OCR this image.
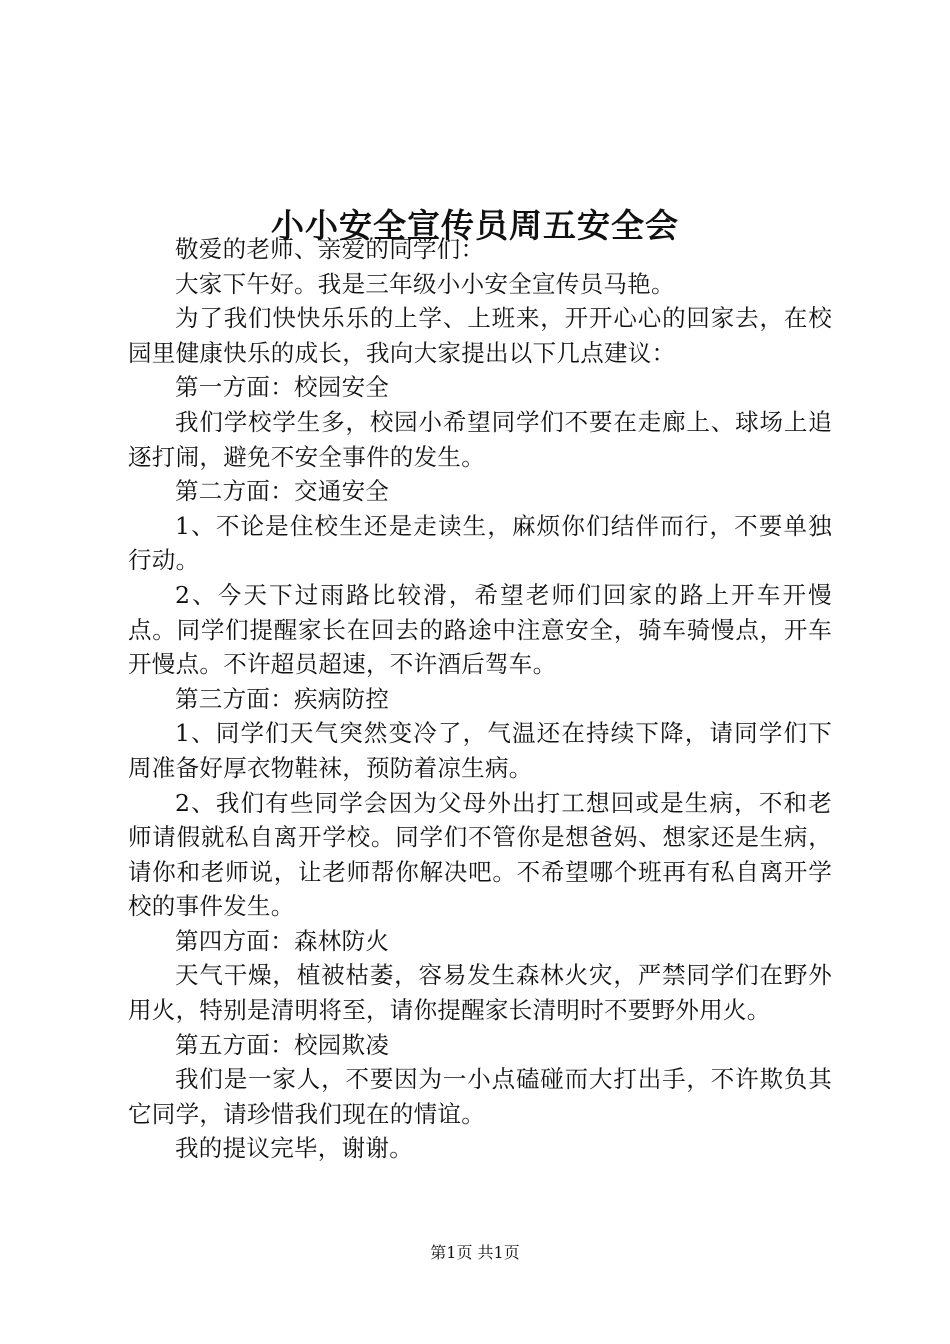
小小安全宣传员周五安全会

敬爱的老师、亲爱的同学们：

大家下午好。我是三年级小小安全宣传员马艳。

为了我们快快乐乐的上学、上班来，开开心心的回家去，在校园里健康快乐的成长，我向大家提出以下几点建议：

第一方面：校园安全

我们学校学生多，校园小希望同学们不要在走廊上、球场上追逐打闹，避免不安全事件的发生。

第二方面：交通安全

1、不论是住校生还是走读生，麻烦你们结伴而行，不要单独行动。

2、今天下过雨路比较滑，希望老师们回家的路上开车开慢点。同学们提醒家长在回去的路途中注意安全，骑车骑慢点，开车开慢点。不许超员超速，不许酒后驾车。

第三方面：疾病防控

1、同学们天气突然变冷了，气温还在持续下降，请同学们下周准备好厚衣物鞋袜，预防着凉生病。

2、我们有些同学会因为父母外出打工想回或是生病，不和老师请假就私自离开学校。同学们不管你是想爸妈、想家还是生病，请你和老师说，让老师帮你解决吧。不希望哪个班再有私自离开学校的事件发生。

第四方面：森林防火

天气干燥，植被枯萎，容易发生森林火灾，严禁同学们在野外用火，特别是清明将至，请你提醒家长清明时不要野外用火。

第五方面：校园欺凌

我们是一家人，不要因为一小点磕碰而大打出手，不许欺负其它同学，请珍惜我们现在的情谊。

我的提议完毕，谢谢。

第1页 共1页
